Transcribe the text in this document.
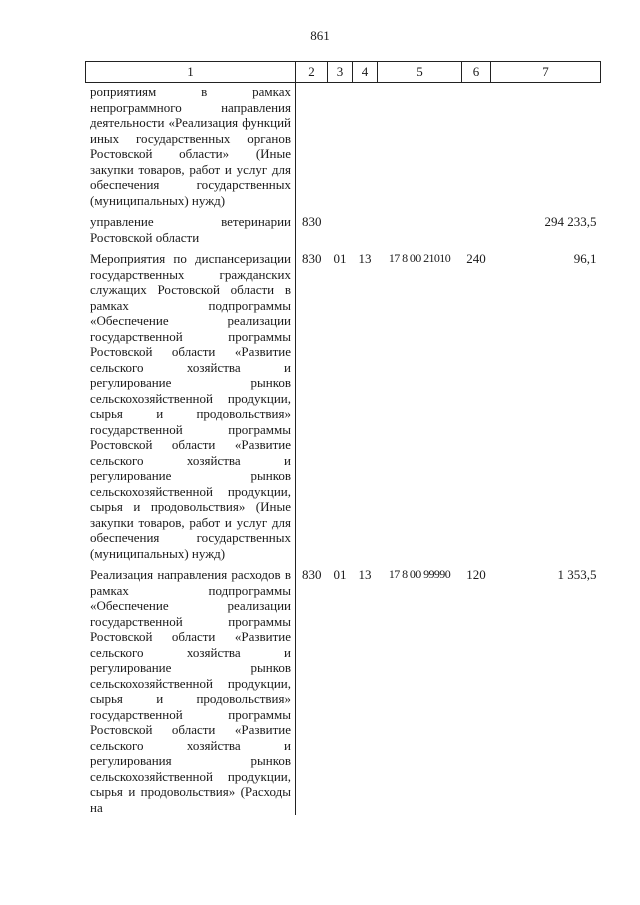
861
1	2	3	4	5	6	7
роприятиям в рамках непрограммного направления деятельности «Реализация функций иных государственных органов Ростовской области» (Иные закупки товаров, работ и услуг для обеспечения государственных (муниципальных) нужд)						

управление ветеринарии Ростовской области	830					294 233,5

Мероприятия по диспансеризации государственных гражданских служащих Ростовской области в рамках подпрограммы «Обеспечение реализации государственной программы Ростовской области «Развитие сельского хозяйства и регулирование рынков сельскохозяйственной продукции, сырья и продовольствия» государственной программы Ростовской области «Развитие сельского хозяйства и регулирование рынков сельскохозяйственной продукции, сырья и продовольствия» (Иные закупки товаров, работ и услуг для обеспечения государственных (муниципальных) нужд)	830	01	13	17 8 00 21010	240	96,1

Реализация направления расходов в рамках подпрограммы «Обеспечение реализации государственной программы Ростовской области «Развитие сельского хозяйства и регулирование рынков сельскохозяйственной продукции, сырья и продовольствия» государственной программы Ростовской области «Развитие сельского хозяйства и регулирования рынков сельскохозяйственной продукции, сырья и продовольствия» (Расходы на	830	01	13	17 8 00 99990	120	1 353,5
